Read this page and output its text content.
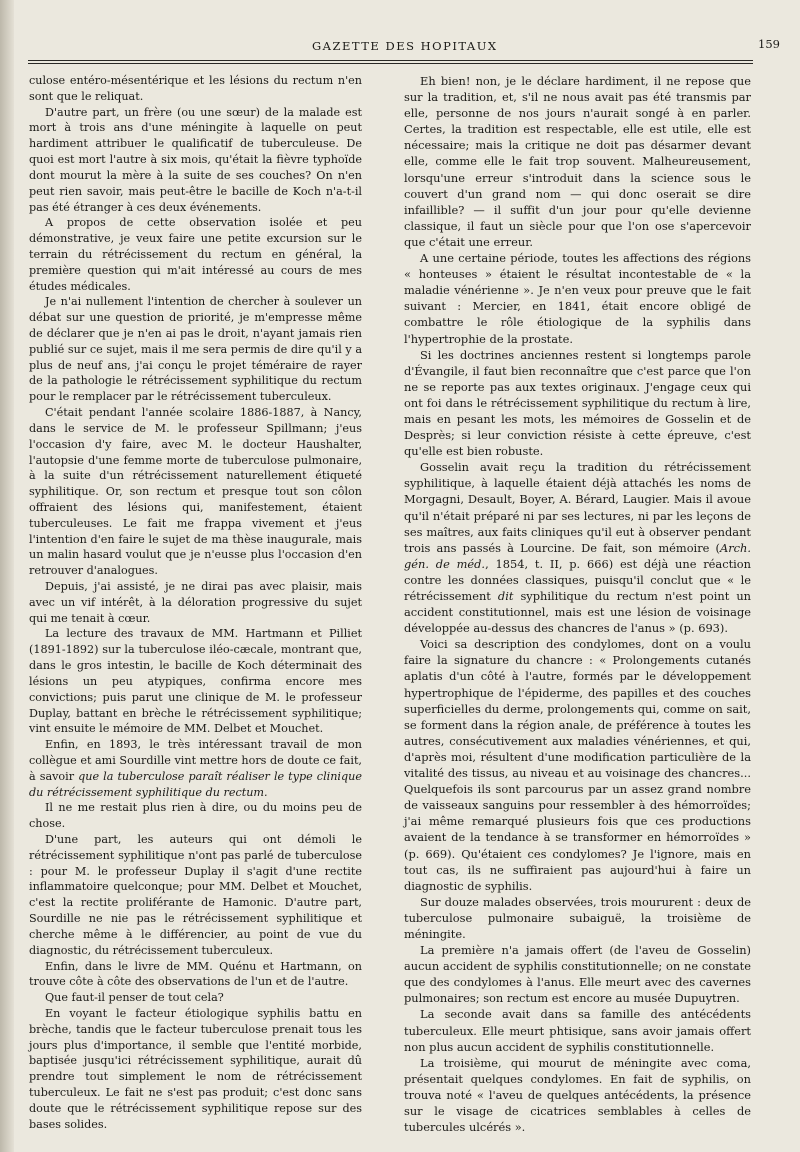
GAZETTE DES HOPITAUX	159

culose entéro-mésentérique et les lésions du rectum n'en sont que le reliquat.

D'autre part, un frère (ou une sœur) de la malade est mort à trois ans d'une méningite à laquelle on peut hardiment attribuer le qualificatif de tuberculeuse. De quoi est mort l'autre à six mois, qu'était la fièvre typhoïde dont mourut la mère à la suite de ses couches? On n'en peut rien savoir, mais peut-être le bacille de Koch n'a-t-il pas été étranger à ces deux événements.

A propos de cette observation isolée et peu démonstrative, je veux faire une petite excursion sur le terrain du rétrécissement du rectum en général, la première question qui m'ait intéressé au cours de mes études médicales.

Je n'ai nullement l'intention de chercher à soulever un débat sur une question de priorité, je m'empresse même de déclarer que je n'en ai pas le droit, n'ayant jamais rien publié sur ce sujet, mais il me sera permis de dire qu'il y a plus de neuf ans, j'ai conçu le projet téméraire de rayer de la pathologie le rétrécissement syphilitique du rectum pour le remplacer par le rétrécissement tuberculeux.

C'était pendant l'année scolaire 1886-1887, à Nancy, dans le service de M. le professeur Spillmann; j'eus l'occasion d'y faire, avec M. le docteur Haushalter, l'autopsie d'une femme morte de tuberculose pulmonaire, à la suite d'un rétrécissement naturellement étiqueté syphilitique. Or, son rectum et presque tout son côlon offraient des lésions qui, manifestement, étaient tuberculeuses. Le fait me frappa vivement et j'eus l'intention d'en faire le sujet de ma thèse inaugurale, mais un malin hasard voulut que je n'eusse plus l'occasion d'en retrouver d'analogues.

Depuis, j'ai assisté, je ne dirai pas avec plaisir, mais avec un vif intérêt, à la déloration progressive du sujet qui me tenait à cœur.

La lecture des travaux de MM. Hartmann et Pilliet (1891-1892) sur la tuberculose iléo-cæcale, montrant que, dans le gros intestin, le bacille de Koch déterminait des lésions un peu atypiques, confirma encore mes convictions; puis parut une clinique de M. le professeur Duplay, battant en brèche le rétrécissement syphilitique; vint ensuite le mémoire de MM. Delbet et Mouchet.

Enfin, en 1893, le très intéressant travail de mon collègue et ami Sourdille vint mettre hors de doute ce fait, à savoir que la tuberculose paraît réaliser le type clinique du rétrécissement syphilitique du rectum.

Il ne me restait plus rien à dire, ou du moins peu de chose.

D'une part, les auteurs qui ont démoli le rétrécissement syphilitique n'ont pas parlé de tuberculose : pour M. le professeur Duplay il s'agit d'une rectite inflammatoire quelconque; pour MM. Delbet et Mouchet, c'est la rectite proliférante de Hamonic. D'autre part, Sourdille ne nie pas le rétrécissement syphilitique et cherche même à le différencier, au point de vue du diagnostic, du rétrécissement tuberculeux.

Enfin, dans le livre de MM. Quénu et Hartmann, on trouve côte à côte des observations de l'un et de l'autre.

Que faut-il penser de tout cela?

En voyant le facteur étiologique syphilis battu en brèche, tandis que le facteur tuberculose prenait tous les jours plus d'importance, il semble que l'entité morbide, baptisée jusqu'ici rétrécissement syphilitique, aurait dû prendre tout simplement le nom de rétrécissement tuberculeux. Le fait ne s'est pas produit; c'est donc sans doute que le rétrécissement syphilitique repose sur des bases solides.

Eh bien! non, je le déclare hardiment, il ne repose que sur la tradition, et, s'il ne nous avait pas été transmis par elle, personne de nos jours n'aurait songé à en parler. Certes, la tradition est respectable, elle est utile, elle est nécessaire; mais la critique ne doit pas désarmer devant elle, comme elle le fait trop souvent. Malheureusement, lorsqu'une erreur s'introduit dans la science sous le couvert d'un grand nom — qui donc oserait se dire infaillible? — il suffit d'un jour pour qu'elle devienne classique, il faut un siècle pour que l'on ose s'apercevoir que c'était une erreur.

A une certaine période, toutes les affections des régions « honteuses » étaient le résultat incontestable de « la maladie vénérienne ». Je n'en veux pour preuve que le fait suivant : Mercier, en 1841, était encore obligé de combattre le rôle étiologique de la syphilis dans l'hypertrophie de la prostate.

Si les doctrines anciennes restent si longtemps parole d'Évangile, il faut bien reconnaître que c'est parce que l'on ne se reporte pas aux textes originaux. J'engage ceux qui ont foi dans le rétrécissement syphilitique du rectum à lire, mais en pesant les mots, les mémoires de Gosselin et de Desprès; si leur conviction résiste à cette épreuve, c'est qu'elle est bien robuste.

Gosselin avait reçu la tradition du rétrécissement syphilitique, à laquelle étaient déjà attachés les noms de Morgagni, Desault, Boyer, A. Bérard, Laugier. Mais il avoue qu'il n'était préparé ni par ses lectures, ni par les leçons de ses maîtres, aux faits cliniques qu'il eut à observer pendant trois ans passés à Lourcine. De fait, son mémoire (Arch. gén. de méd., 1854, t. II, p. 666) est déjà une réaction contre les données classiques, puisqu'il conclut que « le rétrécissement dit syphilitique du rectum n'est point un accident constitutionnel, mais est une lésion de voisinage développée au-dessus des chancres de l'anus » (p. 693).

Voici sa description des condylomes, dont on a voulu faire la signature du chancre : « Prolongements cutanés aplatis d'un côté à l'autre, formés par le développement hypertrophique de l'épiderme, des papilles et des couches superficielles du derme, prolongements qui, comme on sait, se forment dans la région anale, de préférence à toutes les autres, consécutivement aux maladies vénériennes, et qui, d'après moi, résultent d'une modification particulière de la vitalité des tissus, au niveau et au voisinage des chancres... Quelquefois ils sont parcourus par un assez grand nombre de vaisseaux sanguins pour ressembler à des hémorroïdes; j'ai même remarqué plusieurs fois que ces productions avaient de la tendance à se transformer en hémorroïdes » (p. 669). Qu'étaient ces condylomes? Je l'ignore, mais en tout cas, ils ne suffiraient pas aujourd'hui à faire un diagnostic de syphilis.

Sur douze malades observées, trois moururent : deux de tuberculose pulmonaire subaiguë, la troisième de méningite.

La première n'a jamais offert (de l'aveu de Gosselin) aucun accident de syphilis constitutionnelle; on ne constate que des condylomes à l'anus. Elle meurt avec des cavernes pulmonaires; son rectum est encore au musée Dupuytren.

La seconde avait dans sa famille des antécédents tuberculeux. Elle meurt phtisique, sans avoir jamais offert non plus aucun accident de syphilis constitutionnelle.

La troisième, qui mourut de méningite avec coma, présentait quelques condylomes. En fait de syphilis, on trouva noté « l'aveu de quelques antécédents, la présence sur le visage de cicatrices semblables à celles de tubercules ulcérés ».
